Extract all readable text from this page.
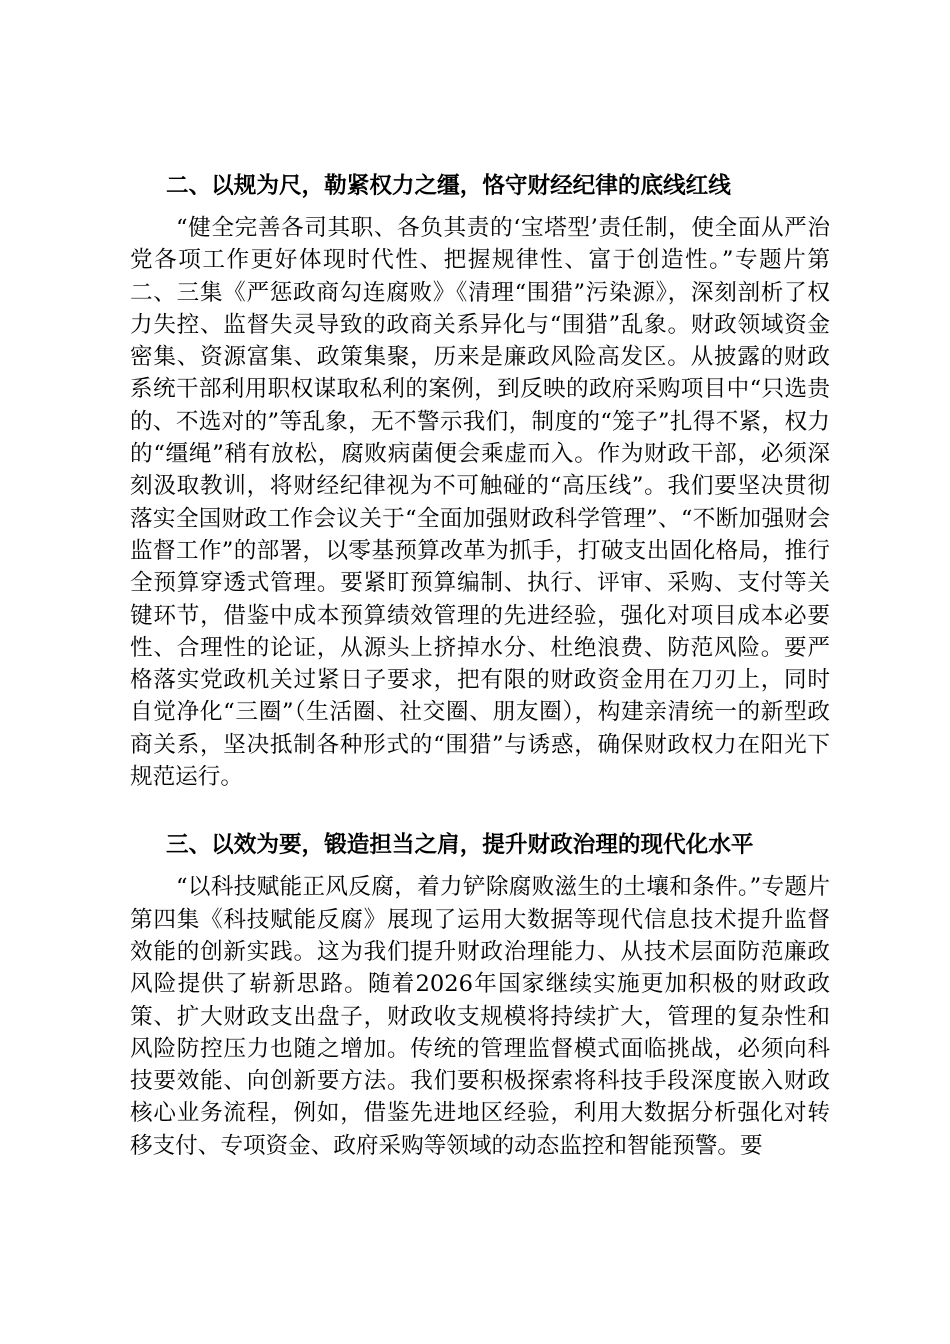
二、以规为尺，勒紧权力之缰，恪守财经纪律的底线红线

“健全完善各司其职、各负其责的‘宝塔型’责任制，使全面从严治党各项工作更好体现时代性、把握规律性、富于创造性。”专题片第二、三集《严惩政商勾连腐败》《清理“围猎”污染源》，深刻剖析了权力失控、监督失灵导致的政商关系异化与“围猎”乱象。财政领域资金密集、资源富集、政策集聚，历来是廉政风险高发区。从披露的财政系统干部利用职权谋取私利的案例，到反映的政府采购项目中“只选贵的、不选对的”等乱象，无不警示我们，制度的“笼子”扎得不紧，权力的“缰绳”稍有放松，腐败病菌便会乘虚而入。作为财政干部，必须深刻汲取教训，将财经纪律视为不可触碰的“高压线”。我们要坚决贯彻落实全国财政工作会议关于“全面加强财政科学管理”、“不断加强财会监督工作”的部署，以零基预算改革为抓手，打破支出固化格局，推行全预算穿透式管理。要紧盯预算编制、执行、评审、采购、支付等关键环节，借鉴中成本预算绩效管理的先进经验，强化对项目成本必要性、合理性的论证，从源头上挤掉水分、杜绝浪费、防范风险。要严格落实党政机关过紧日子要求，把有限的财政资金用在刀刃上，同时自觉净化“三圈”（生活圈、社交圈、朋友圈），构建亲清统一的新型政商关系，坚决抵制各种形式的“围猎”与诱惑，确保财政权力在阳光下规范运行。

三、以效为要，锻造担当之肩，提升财政治理的现代化水平

“以科技赋能正风反腐，着力铲除腐败滋生的土壤和条件。”专题片第四集《科技赋能反腐》展现了运用大数据等现代信息技术提升监督效能的创新实践。这为我们提升财政治理能力、从技术层面防范廉政风险提供了崭新思路。随着2026年国家继续实施更加积极的财政政策、扩大财政支出盘子，财政收支规模将持续扩大，管理的复杂性和风险防控压力也随之增加。传统的管理监督模式面临挑战，必须向科技要效能、向创新要方法。我们要积极探索将科技手段深度嵌入财政核心业务流程，例如，借鉴先进地区经验，利用大数据分析强化对转移支付、专项资金、政府采购等领域的动态监控和智能预警。要
